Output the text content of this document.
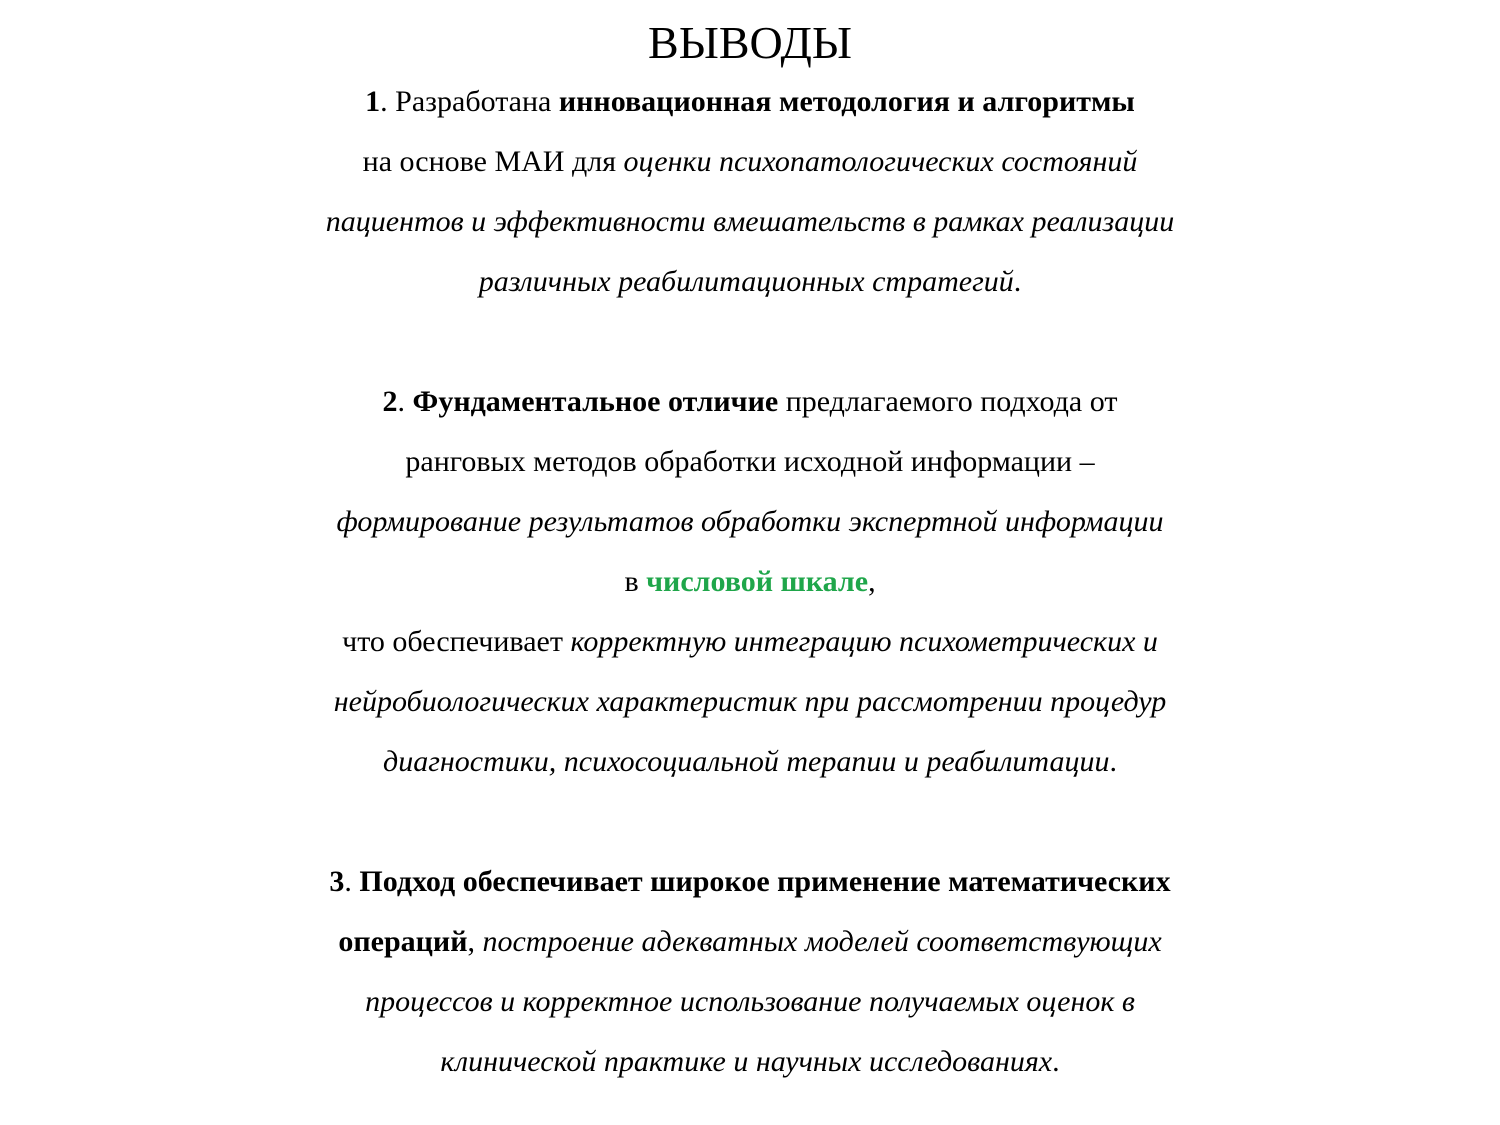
ВЫВОДЫ
1. Разработана инновационная методология и алгоритмы
на основе МАИ для оценки психопатологических состояний
пациентов и эффективности вмешательств в рамках реализации
различных реабилитационных стратегий.
2. Фундаментальное отличие предлагаемого подхода от
ранговых методов обработки исходной информации –
формирование результатов обработки экспертной информации
в числовой шкале,
что обеспечивает корректную интеграцию психометрических и
нейробиологических характеристик при рассмотрении процедур
диагностики, психосоциальной терапии и реабилитации.
3. Подход обеспечивает широкое применение математических
операций, построение адекватных моделей соответствующих
процессов и корректное использование получаемых оценок в
клинической практике и научных исследованиях.
